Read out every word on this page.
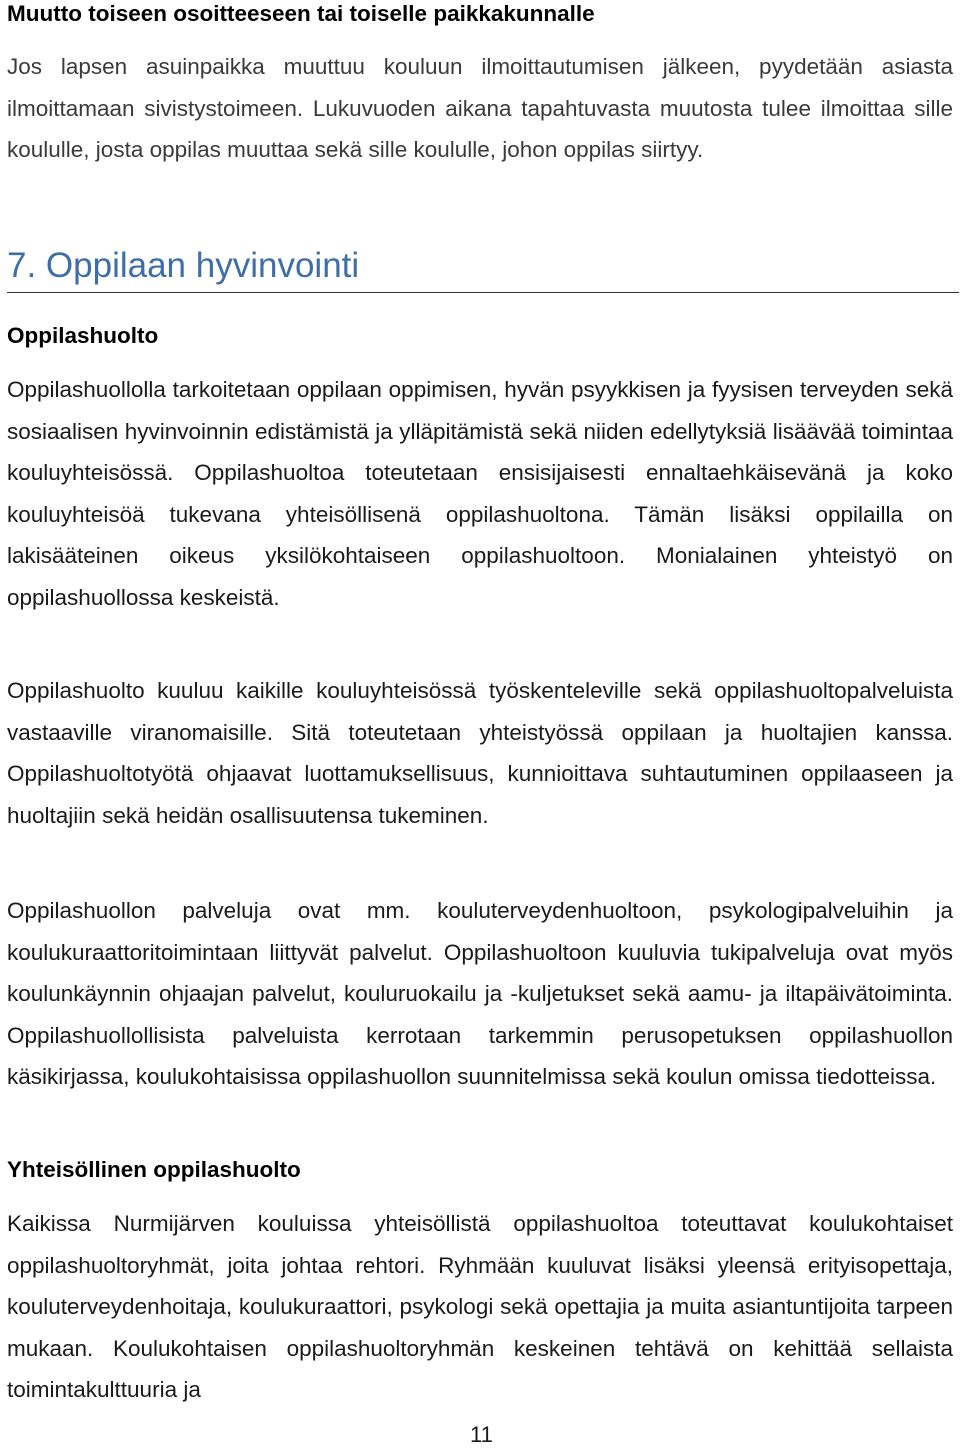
Muutto toiseen osoitteeseen tai toiselle paikkakunnalle

Jos lapsen asuinpaikka muuttuu kouluun ilmoittautumisen jälkeen, pyydetään asiasta ilmoittamaan sivistystoimeen. Lukuvuoden aikana tapahtuvasta muutosta tulee ilmoittaa sille koululle, josta oppilas muuttaa sekä sille koululle, johon oppilas siirtyy.

7. Oppilaan hyvinvointi
Oppilashuolto

Oppilashuollolla tarkoitetaan oppilaan oppimisen, hyvän psyykkisen ja fyysisen terveyden sekä sosiaalisen hyvinvoinnin edistämistä ja ylläpitämistä sekä niiden edellytyksiä lisäävää toimintaa kouluyhteisössä. Oppilashuoltoa toteutetaan ensisijaisesti ennaltaehkäisevänä ja koko kouluyhteisöä tukevana yhteisöllisenä oppilashuoltona. Tämän lisäksi oppilailla on lakisääteinen oikeus yksilökohtaiseen oppilashuoltoon. Monialainen yhteistyö on oppilashuollossa keskeistä.

Oppilashuolto kuuluu kaikille kouluyhteisössä työskenteleville sekä oppilashuoltopalveluista vastaaville viranomaisille. Sitä toteutetaan yhteistyössä oppilaan ja huoltajien kanssa. Oppilashuoltotyötä ohjaavat luottamuksellisuus, kunnioittava suhtautuminen oppilaaseen ja huoltajiin sekä heidän osallisuutensa tukeminen.

Oppilashuollon palveluja ovat mm. kouluterveydenhuoltoon, psykologipalveluihin ja koulukuraattoritoimintaan liittyvät palvelut. Oppilashuoltoon kuuluvia tukipalveluja ovat myös koulunkäynnin ohjaajan palvelut, kouluruokailu ja -kuljetukset sekä aamu- ja iltapäivätoiminta. Oppilashuollollisista palveluista kerrotaan tarkemmin perusopetuksen oppilashuollon käsikirjassa, koulukohtaisissa oppilashuollon suunnitelmissa sekä koulun omissa tiedotteissa.

Yhteisöllinen oppilashuolto

Kaikissa Nurmijärven kouluissa yhteisöllistä oppilashuoltoa toteuttavat koulukohtaiset oppilashuoltoryhmät, joita johtaa rehtori. Ryhmään kuuluvat lisäksi yleensä erityisopettaja, kouluterveydenhoitaja, koulukuraattori, psykologi sekä opettajia ja muita asiantuntijoita tarpeen mukaan. Koulukohtaisen oppilashuoltoryhmän keskeinen tehtävä on kehittää sellaista toimintakulttuuria ja

11
